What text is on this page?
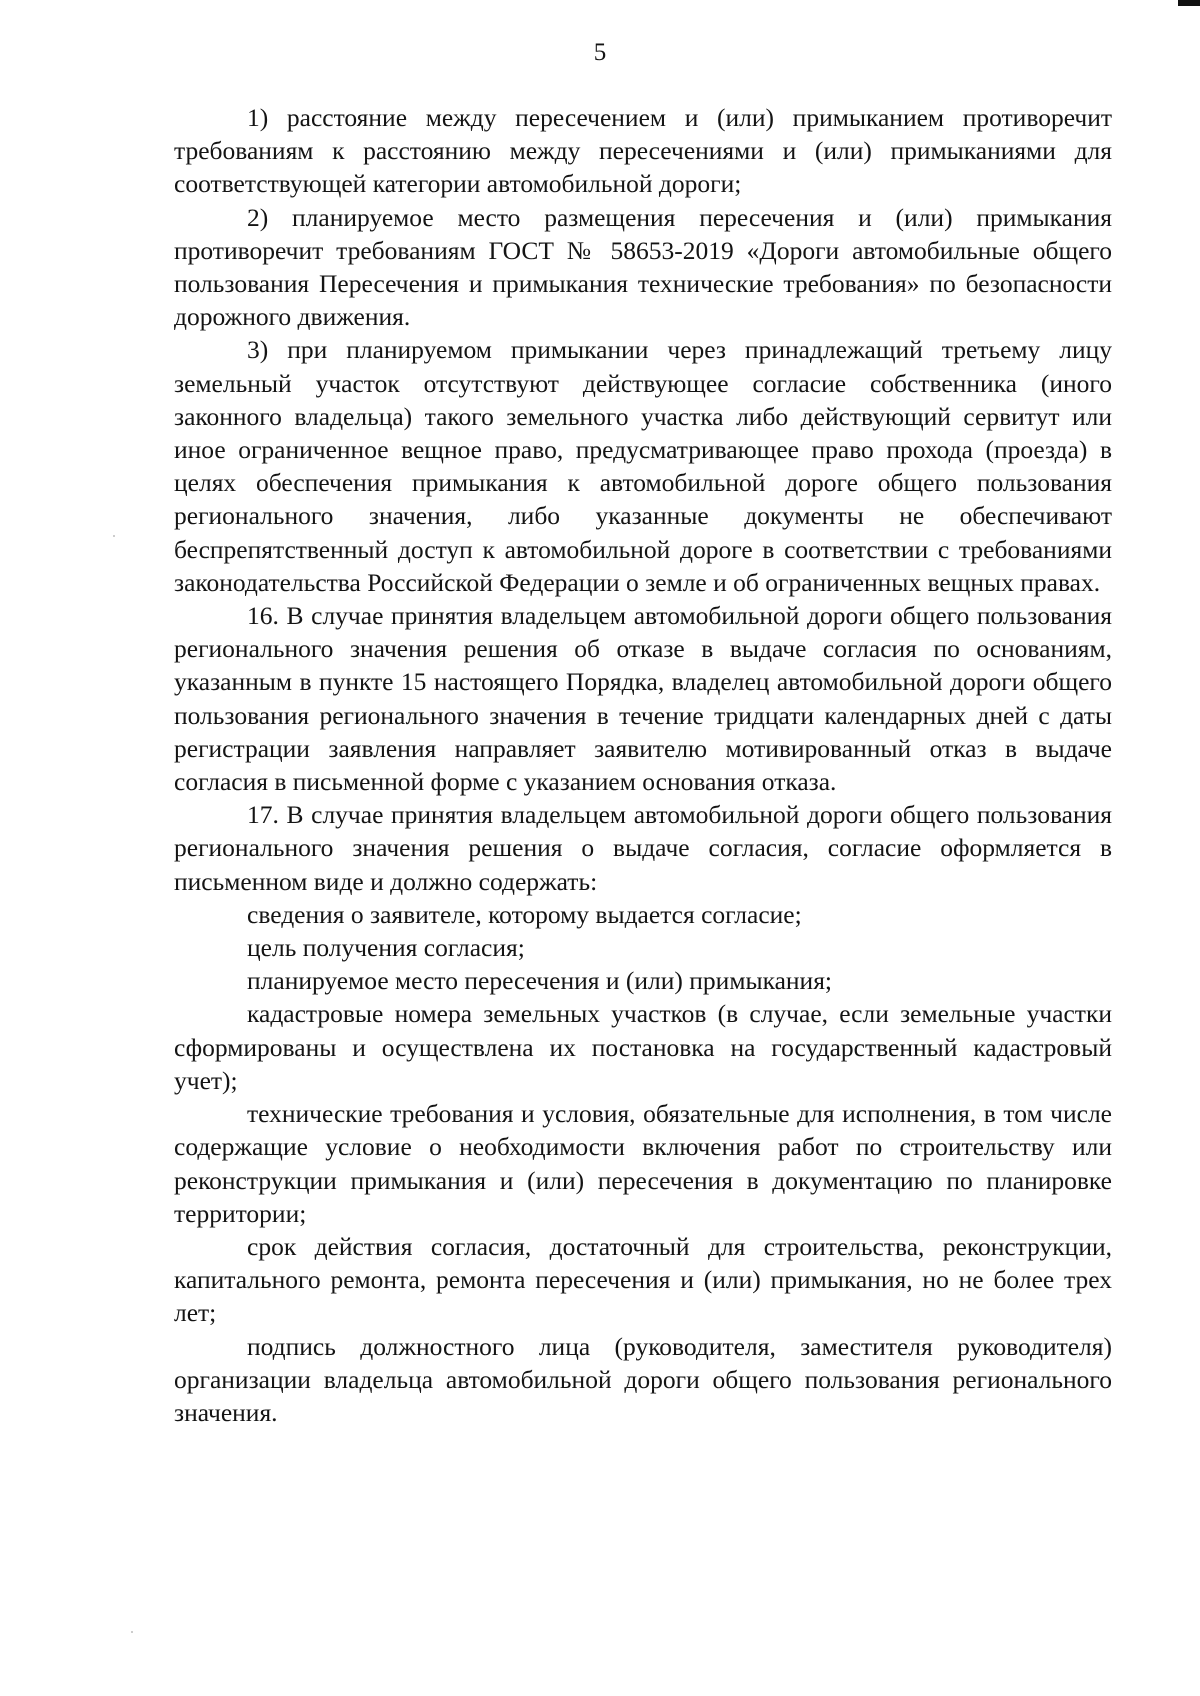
5

1) расстояние между пересечением и (или) примыканием противоречит требованиям к расстоянию между пересечениями и (или) примыканиями для соответствующей категории автомобильной дороги;

2) планируемое место размещения пересечения и (или) примыкания противоречит требованиям ГОСТ № 58653-2019 «Дороги автомобильные общего пользования Пересечения и примыкания технические требования» по безопасности дорожного движения.

3) при планируемом примыкании через принадлежащий третьему лицу земельный участок отсутствуют действующее согласие собственника (иного законного владельца) такого земельного участка либо действующий сервитут или иное ограниченное вещное право, предусматривающее право прохода (проезда) в целях обеспечения примыкания к автомобильной дороге общего пользования регионального значения, либо указанные документы не обеспечивают беспрепятственный доступ к автомобильной дороге в соответствии с требованиями законодательства Российской Федерации о земле и об ограниченных вещных правах.

16. В случае принятия владельцем автомобильной дороги общего пользования регионального значения решения об отказе в выдаче согласия по основаниям, указанным в пункте 15 настоящего Порядка, владелец автомобильной дороги общего пользования регионального значения в течение тридцати календарных дней с даты регистрации заявления направляет заявителю мотивированный отказ в выдаче согласия в письменной форме с указанием основания отказа.

17. В случае принятия владельцем автомобильной дороги общего пользования регионального значения решения о выдаче согласия, согласие оформляется в письменном виде и должно содержать:

сведения о заявителе, которому выдается согласие;

цель получения согласия;

планируемое место пересечения и (или) примыкания;

кадастровые номера земельных участков (в случае, если земельные участки сформированы и осуществлена их постановка на государственный кадастровый учет);

технические требования и условия, обязательные для исполнения, в том числе содержащие условие о необходимости включения работ по строительству или реконструкции примыкания и (или) пересечения в документацию по планировке территории;

срок действия согласия, достаточный для строительства, реконструкции, капитального ремонта, ремонта пересечения и (или) примыкания, но не более трех лет;

подпись должностного лица (руководителя, заместителя руководителя) организации владельца автомобильной дороги общего пользования регионального значения.
